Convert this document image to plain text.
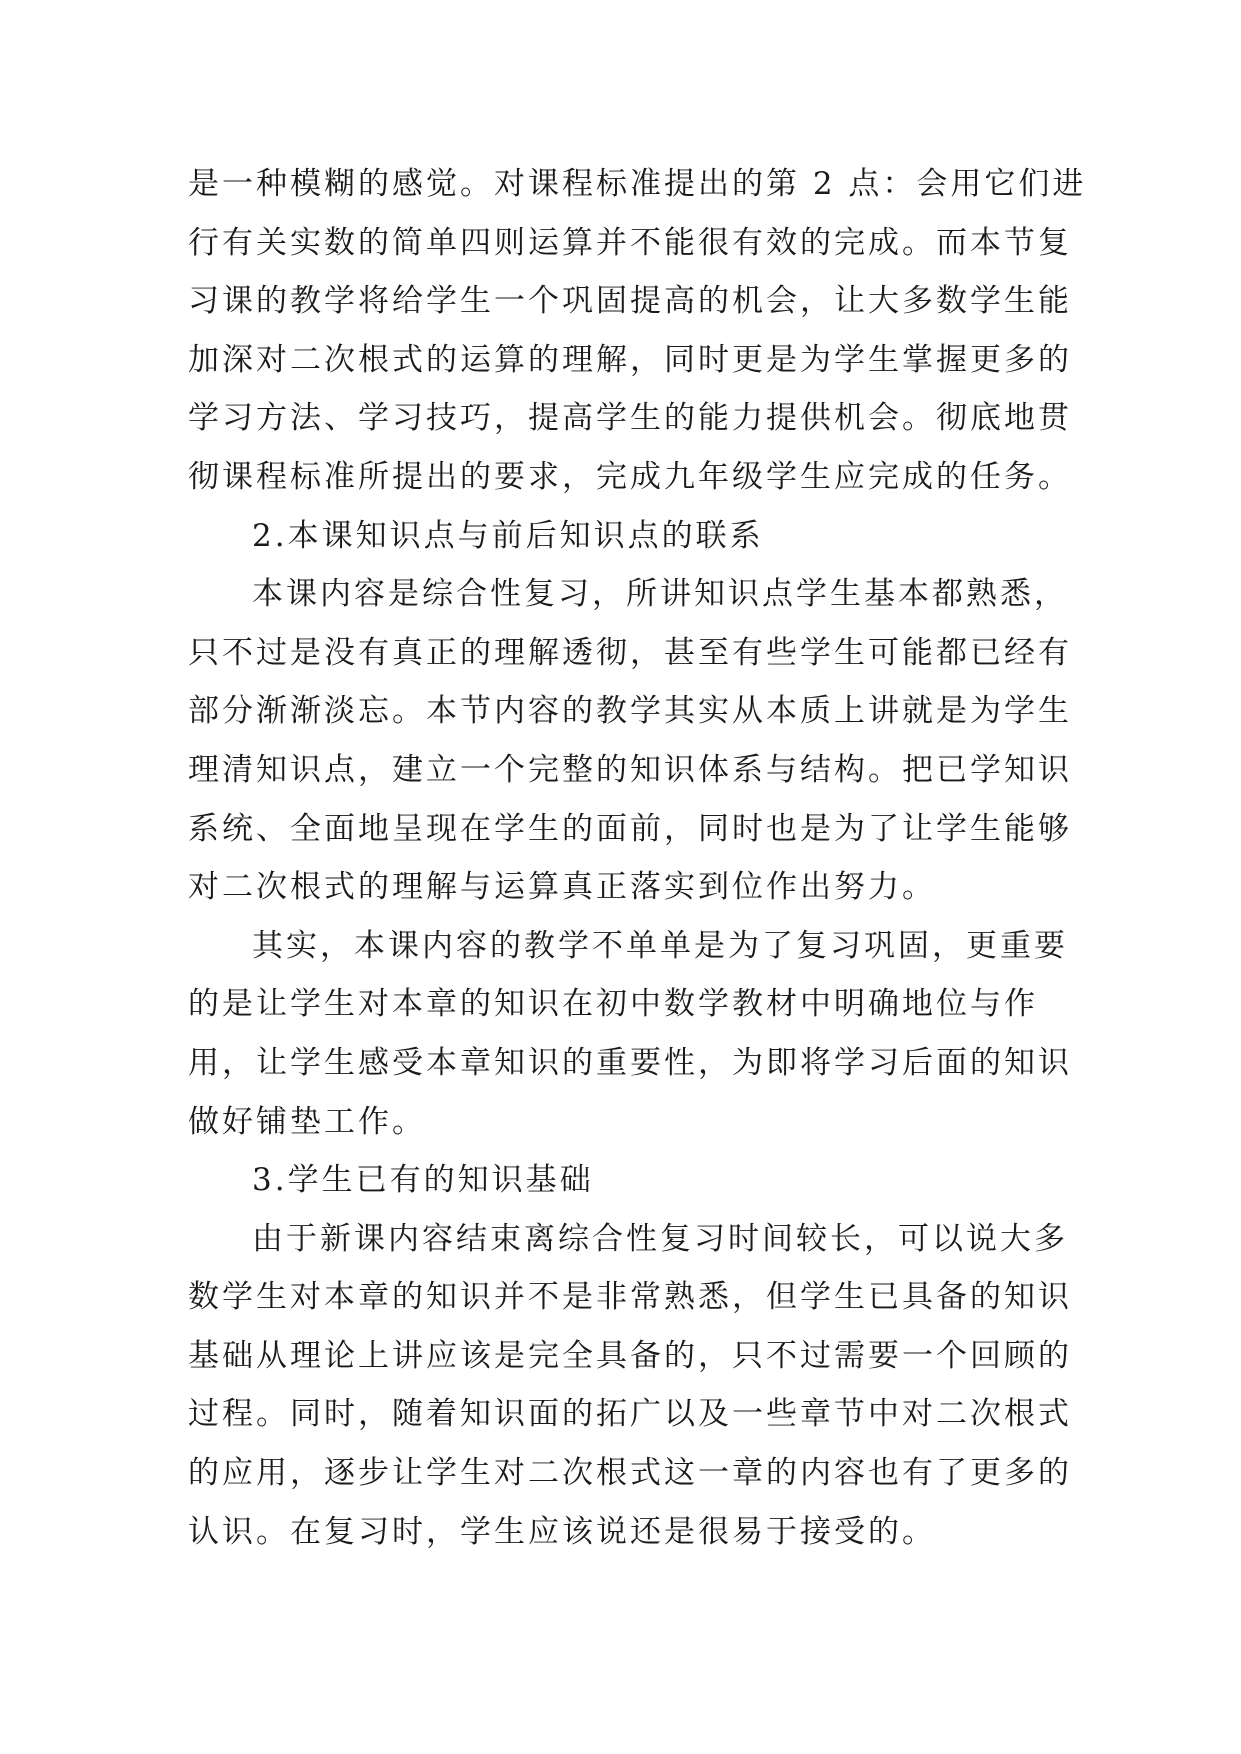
是一种模糊的感觉。对课程标准提出的第 2 点：会用它们进
行有关实数的简单四则运算并不能很有效的完成。而本节复
习课的教学将给学生一个巩固提高的机会，让大多数学生能
加深对二次根式的运算的理解，同时更是为学生掌握更多的
学习方法、学习技巧，提高学生的能力提供机会。彻底地贯
彻课程标准所提出的要求，完成九年级学生应完成的任务。
2.本课知识点与前后知识点的联系
本课内容是综合性复习，所讲知识点学生基本都熟悉，
只不过是没有真正的理解透彻，甚至有些学生可能都已经有
部分渐渐淡忘。本节内容的教学其实从本质上讲就是为学生
理清知识点，建立一个完整的知识体系与结构。把已学知识
系统、全面地呈现在学生的面前，同时也是为了让学生能够
对二次根式的理解与运算真正落实到位作出努力。
其实，本课内容的教学不单单是为了复习巩固，更重要
的是让学生对本章的知识在初中数学教材中明确地位与作
用，让学生感受本章知识的重要性，为即将学习后面的知识
做好铺垫工作。
3.学生已有的知识基础
由于新课内容结束离综合性复习时间较长，可以说大多
数学生对本章的知识并不是非常熟悉，但学生已具备的知识
基础从理论上讲应该是完全具备的，只不过需要一个回顾的
过程。同时，随着知识面的拓广以及一些章节中对二次根式
的应用，逐步让学生对二次根式这一章的内容也有了更多的
认识。在复习时，学生应该说还是很易于接受的。
